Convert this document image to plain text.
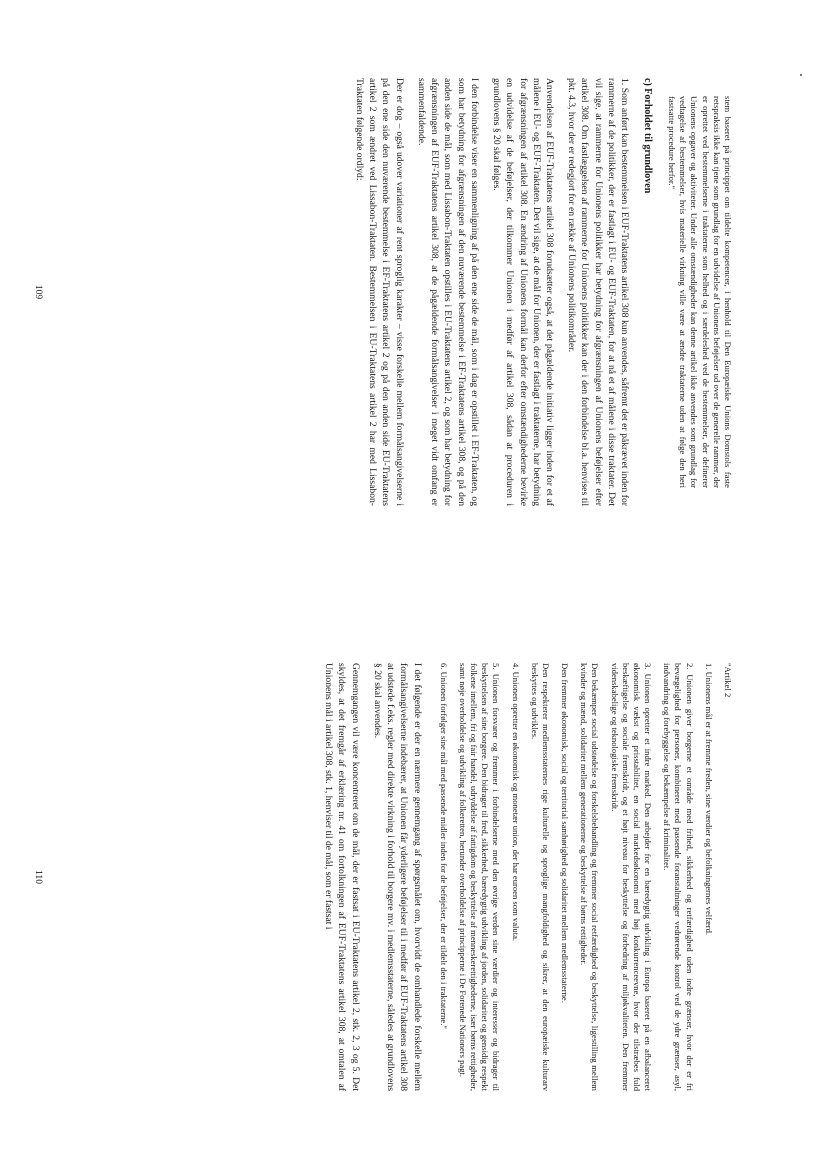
stem baseret på princippet om tildelte kompetencer, i henhold til Den Europæiske Unions Domstols faste retspraksis ikke kan tjene som grundlag for en udvidelse af Unionens beføjelser ud over de generelle rammer, der er oprettet ved bestemmelserne i traktaterne som helhed og i særdeleshed ved de bestemmelser, der definerer Unionens opgaver og aktiviteter. Under alle omstændigheder kan denne artikel ikke anvendes som grundlag for vedtagelse af bestemmelser, hvis materielle virkning ville være at ændre traktaterne uden at følge den heri fastsatte procedure herfor."

c) Forholdet til grundloven

1. Som anført kan bestemmelsen i EUF-Traktatens artikel 308 kun anvendes, såfremt det er påkrævet inden for rammerne af de politikker, der er fastlagt i EU- og EUF-Traktaten, for at nå et af målene i disse traktater. Det vil sige, at rammerne for Unionens politikker har betydning for afgrænsningen af Unionens beføjelser efter artikel 308. Om fastlæggelsen af rammerne for Unionens politikker kan der i den forbindelse bl.a. henvises til pkt. 4.3, hvor der er redegjort for en række af Unionens politikområder.

Anvendelsen af EUF-Traktatens artikel 308 forudsætter også, at det pågældende initiativ ligger inden for et af målene i EU- og EUF-Traktaten. Det vil sige, at de mål for Unionen, der er fastlagt i traktaterne, har betydning for afgrænsningen af artikel 308. En ændring af Unionens formål kan derfor efter omstændighederne bevirke en udvidelse af de beføjelser, der tilkommer Unionen i medfør af artikel 308, sådan at proceduren i grundlovens § 20 skal følges.

I den forbindelse viser en sammenligning af på den ene side de mål, som i dag er opstillet i EF-Traktaten, og som har betydning for afgrænsningen af den nuværende bestemmelse i EF-Traktatens artikel 308, og på den anden side de mål, som med Lissabon-Traktaten opstilles i EU-Traktatens artikel 2, og som har betydning for afgrænsningen af EUF-Traktatens artikel 308, at de pågældende formålsangivelser i meget vidt omfang er sammenfaldende.

Der er dog – også udover variationer af rent sproglig karakter – visse forskelle mellem formålsangivelserne i på den ene side den nuværende bestemmelse i EF-Traktatens artikel 2 og på den anden side EU-Traktatens artikel 2 som ændret ved Lissabon-Traktaten. Bestemmelsen i EU-Traktatens artikel 2 har med Lissabon-Traktaten følgende ordlyd:

109

"Artikel 2

1. Unionens mål er at fremme freden, sine værdier og befolkningernes velfærd.

2. Unionen giver borgerne et område med frihed, sikkerhed og retfærdighed uden indre grænser, hvor der er fri bevægelighed for personer, kombineret med passende foranstaltninger vedrørende kontrol ved de ydre grænser, asyl, indvandring og forebyggelse og bekæmpelse af kriminalitet.

3. Unionen opretter et indre marked. Den arbejder for en bæredygtig udvikling i Europa baseret på en afbalanceret økonomisk vækst og prisstabilitet, en social markedsøkonomi med høj konkurrenceevne, hvor der tilstræbes fuld beskæftigelse og sociale fremskridt, og et højt niveau for beskyttelse og forbedring af miljøkvaliteten. Den fremmer videnskabelige og teknologiske fremskridt.

Den bekæmper social udstødelse og forskelsbehandling og fremmer social retfærdighed og beskyttelse, ligestilling mellem kvinder og mænd, solidaritet mellem generationerne og beskyttelse af børns rettigheder.

Den fremmer økonomisk, social og territorial samhørighed og solidaritet mellem medlemsstaterne.

Den respekterer medlemsstaternes rige kulturelle og sproglige mangfoldighed og sikrer, at den europæiske kulturarv beskyttes og udvikles.

4. Unionen opretter en økonomisk og monetær union, der har euroen som valuta.

5. Unionen forsvarer og fremmer i forbindelserne med den øvrige verden sine værdier og interesser og bidrager til beskyttelsen af sine borgere. Den bidrager til fred, sikkerhed, bæredygtig udvikling af jorden, solidaritet og gensidig respekt folkene imellem, fri og fair handel, udryddelse af fattigdom og beskyttelse af menneskerettighederne, især børns rettigheder, samt nøje overholdelse og udvikling af folkeretten, herunder overholdelse af principperne i De Forenede Nationers pagt.

6. Unionen forfølger sine mål med passende midler inden for de beføjelser, der er tildelt den i traktaterne."

I det følgende er der en nærmere gennemgang af spørgsmålet om, hvorvidt de omhandlede forskelle mellem formålsangivelserne indebærer, at Unionen får yderligere beføjelser til i medfør af EUF-Traktatens artikel 308 at udstede f.eks. regler med direkte virkning i forhold til borgere mv. i medlemsstaterne, således at grundlovens § 20 skal anvendes.

Gennemgangen vil være koncentreret om de mål, der er fastsat i EU-Traktatens artikel 2, stk. 2, 3 og 5. Det skyldes, at det fremgår af erklæring nr. 41 om fortolkningen af EUF-Traktatens artikel 308, at omtalen af Unionens mål i artikel 308, stk. 1, henviser til de mål, som er fastsat i

110
